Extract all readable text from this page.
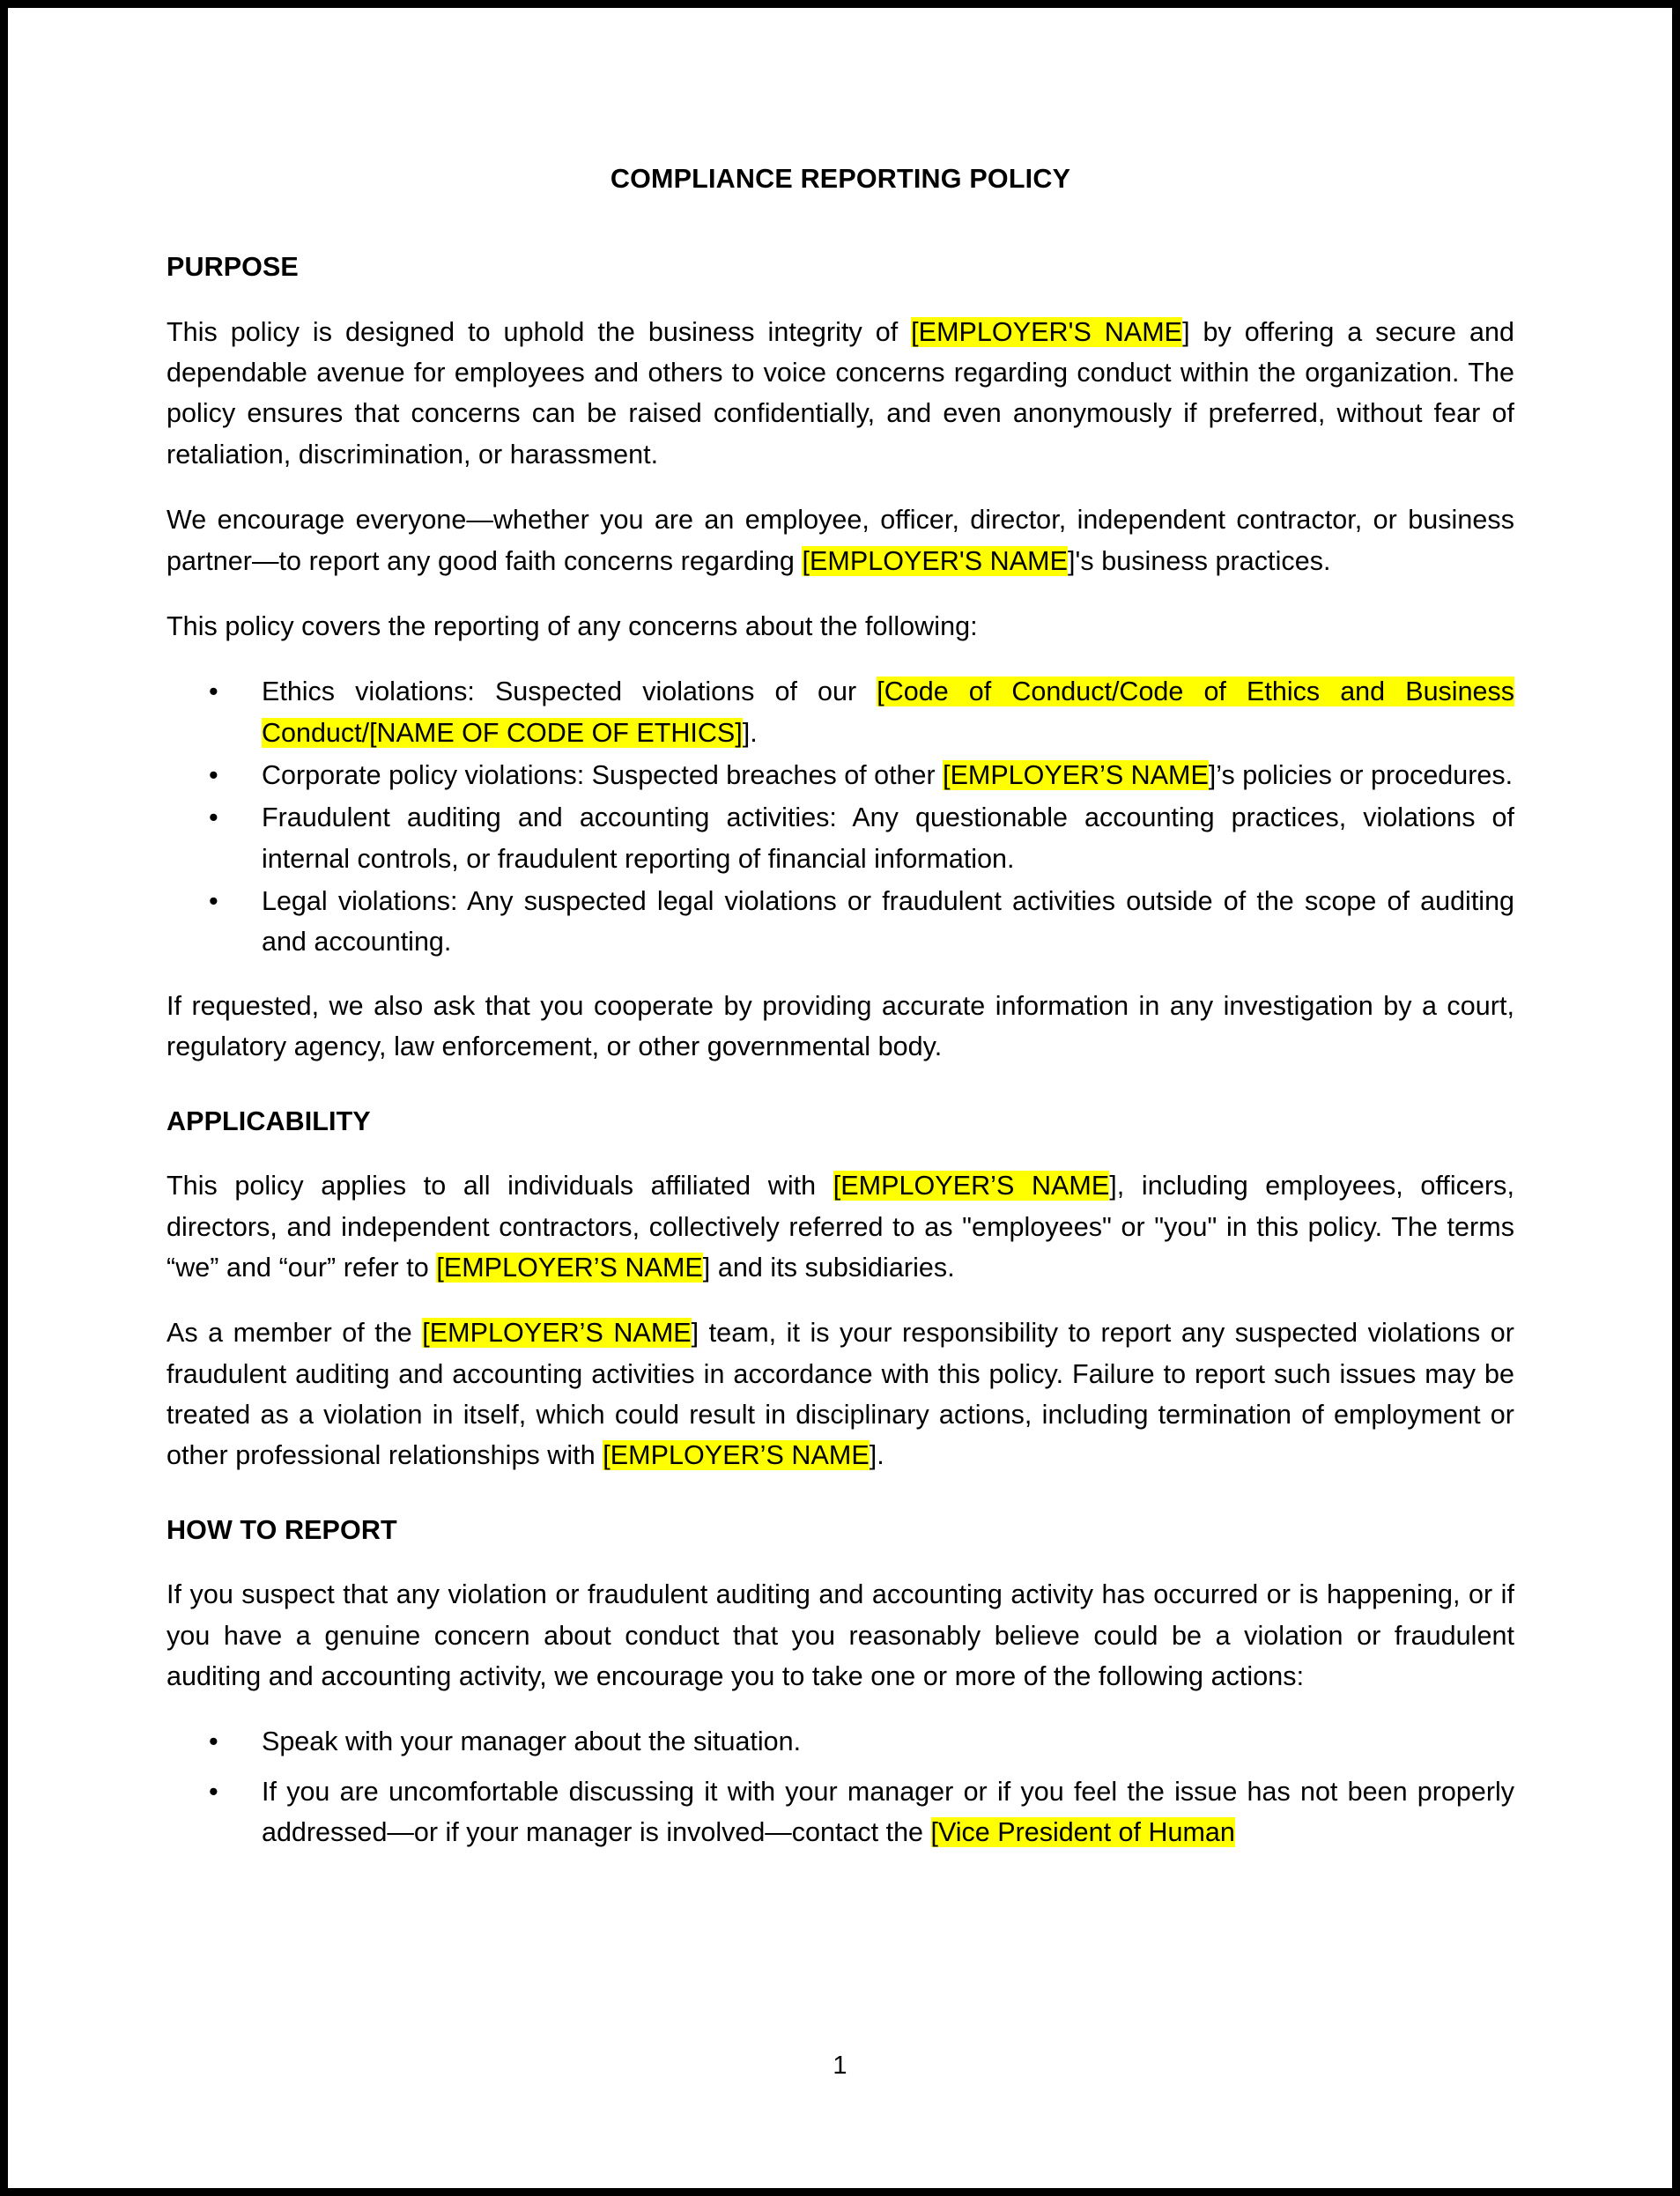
COMPLIANCE REPORTING POLICY
PURPOSE

This policy is designed to uphold the business integrity of [EMPLOYER'S NAME] by offering a secure and dependable avenue for employees and others to voice concerns regarding conduct within the organization. The policy ensures that concerns can be raised confidentially, and even anonymously if preferred, without fear of retaliation, discrimination, or harassment.

We encourage everyone—whether you are an employee, officer, director, independent contractor, or business partner—to report any good faith concerns regarding [EMPLOYER'S NAME]'s business practices.

This policy covers the reporting of any concerns about the following:

• Ethics violations: Suspected violations of our [Code of Conduct/Code of Ethics and Business Conduct/[NAME OF CODE OF ETHICS]].
• Corporate policy violations: Suspected breaches of other [EMPLOYER’S NAME]’s policies or procedures.
• Fraudulent auditing and accounting activities: Any questionable accounting practices, violations of internal controls, or fraudulent reporting of financial information.
• Legal violations: Any suspected legal violations or fraudulent activities outside of the scope of auditing and accounting.

If requested, we also ask that you cooperate by providing accurate information in any investigation by a court, regulatory agency, law enforcement, or other governmental body.

APPLICABILITY

This policy applies to all individuals affiliated with [EMPLOYER’S NAME], including employees, officers, directors, and independent contractors, collectively referred to as "employees" or "you" in this policy. The terms “we” and “our” refer to [EMPLOYER’S NAME] and its subsidiaries.

As a member of the [EMPLOYER’S NAME] team, it is your responsibility to report any suspected violations or fraudulent auditing and accounting activities in accordance with this policy. Failure to report such issues may be treated as a violation in itself, which could result in disciplinary actions, including termination of employment or other professional relationships with [EMPLOYER’S NAME].

HOW TO REPORT

If you suspect that any violation or fraudulent auditing and accounting activity has occurred or is happening, or if you have a genuine concern about conduct that you reasonably believe could be a violation or fraudulent auditing and accounting activity, we encourage you to take one or more of the following actions:

• Speak with your manager about the situation.
• If you are uncomfortable discussing it with your manager or if you feel the issue has not been properly addressed—or if your manager is involved—contact the [Vice President of Human
1
